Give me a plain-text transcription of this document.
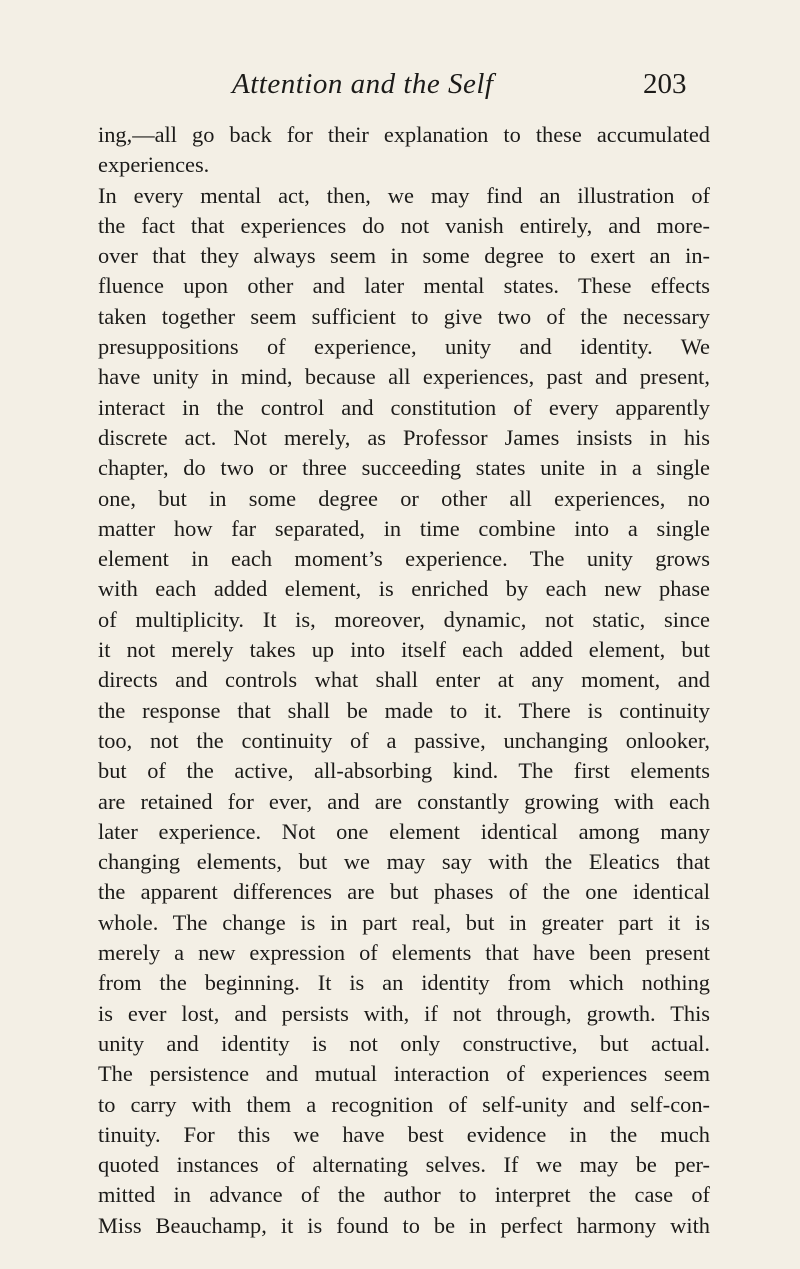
Attention and the Self	203
ing,—all go back for their explanation to these accumulated
experiences.
In every mental act, then, we may find an illustration of
the fact that experiences do not vanish entirely, and more-
over that they always seem in some degree to exert an in-
fluence upon other and later mental states. These effects
taken together seem sufficient to give two of the necessary
presuppositions of experience, unity and identity. We
have unity in mind, because all experiences, past and present,
interact in the control and constitution of every apparently
discrete act. Not merely, as Professor James insists in his
chapter, do two or three succeeding states unite in a single
one, but in some degree or other all experiences, no
matter how far separated, in time combine into a single
element in each moment’s experience. The unity grows
with each added element, is enriched by each new phase
of multiplicity. It is, moreover, dynamic, not static, since
it not merely takes up into itself each added element, but
directs and controls what shall enter at any moment, and
the response that shall be made to it. There is continuity
too, not the continuity of a passive, unchanging onlooker,
but of the active, all-absorbing kind. The first elements
are retained for ever, and are constantly growing with each
later experience. Not one element identical among many
changing elements, but we may say with the Eleatics that
the apparent differences are but phases of the one identical
whole. The change is in part real, but in greater part it is
merely a new expression of elements that have been present
from the beginning. It is an identity from which nothing
is ever lost, and persists with, if not through, growth. This
unity and identity is not only constructive, but actual.
The persistence and mutual interaction of experiences seem
to carry with them a recognition of self-unity and self-con-
tinuity. For this we have best evidence in the much
quoted instances of alternating selves. If we may be per-
mitted in advance of the author to interpret the case of
Miss Beauchamp, it is found to be in perfect harmony with
